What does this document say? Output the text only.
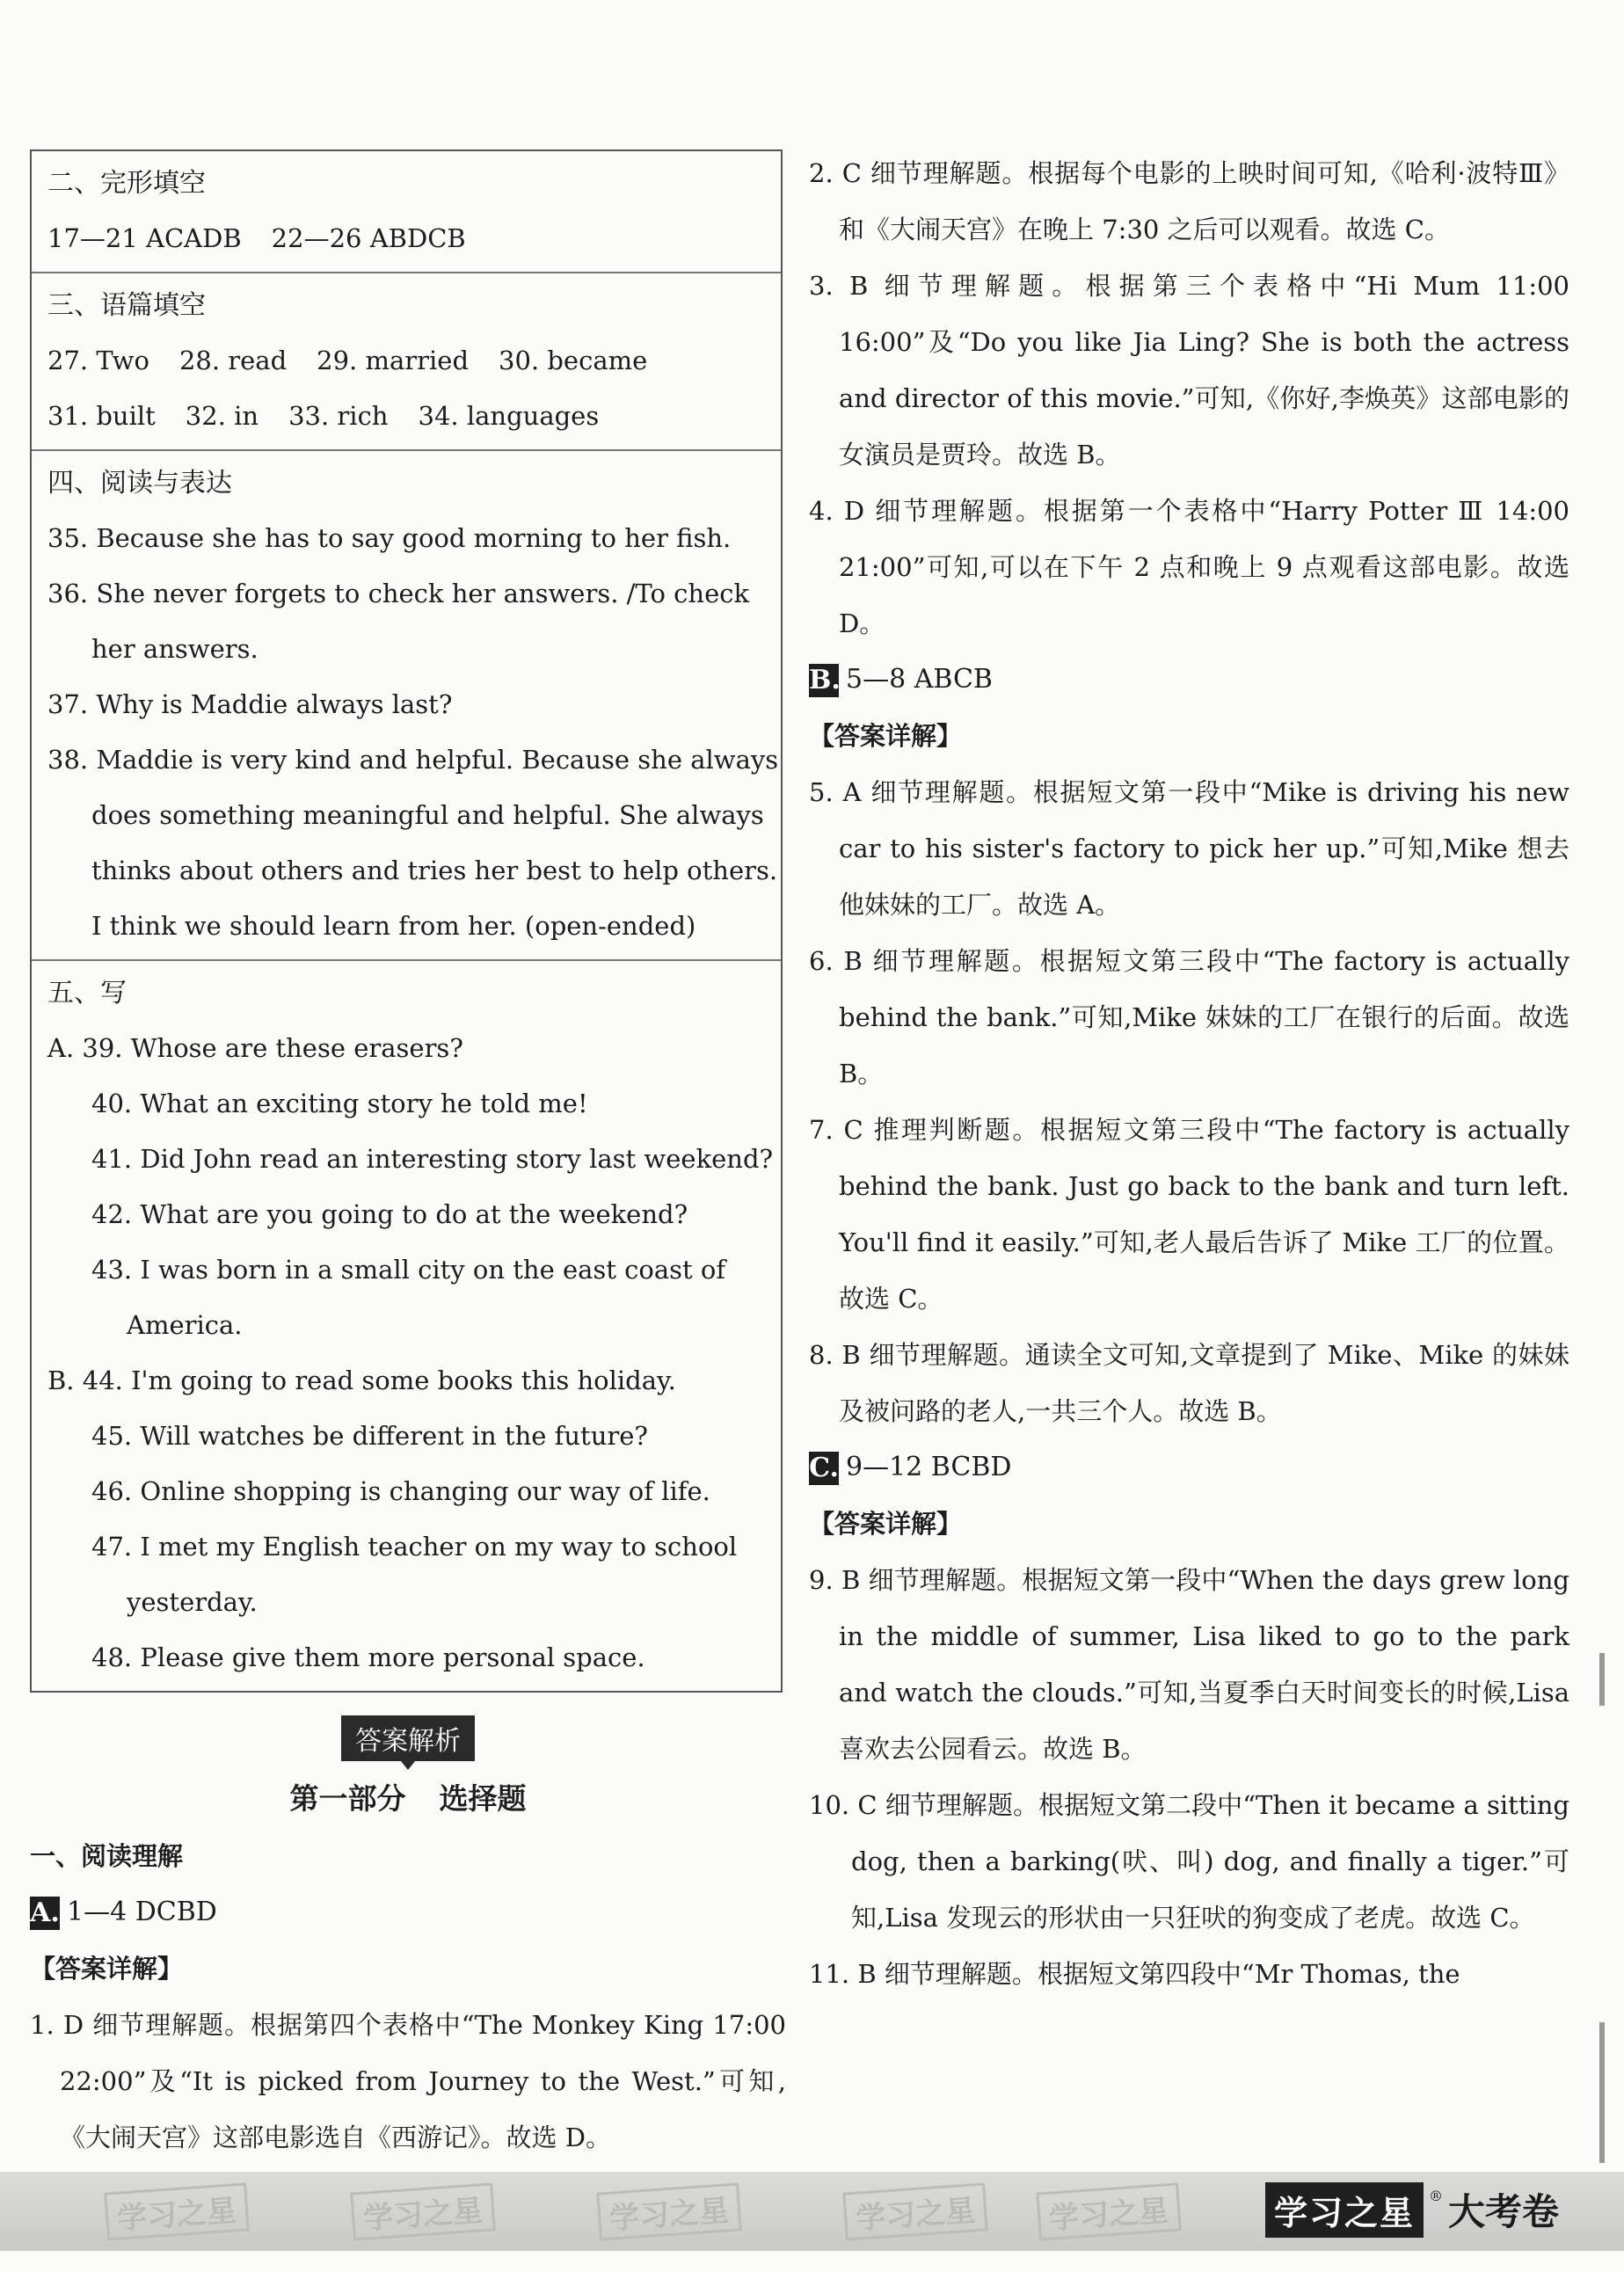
二、完形填空
17—21 ACADB 22—26 ABDCB
三、语篇填空
27. Two 28. read 29. married 30. became
31. built 32. in 33. rich 34. languages
四、阅读与表达
35. Because she has to say good morning to her fish.
36. She never forgets to check her answers. /To check
her answers.
37. Why is Maddie always last?
38. Maddie is very kind and helpful. Because she always
does something meaningful and helpful. She always
thinks about others and tries her best to help others.
I think we should learn from her. (open-ended)
五、写
A. 39. Whose are these erasers?
40. What an exciting story he told me!
41. Did John read an interesting story last weekend?
42. What are you going to do at the weekend?
43. I was born in a small city on the east coast of
America.
B. 44. I'm going to read some books this holiday.
45. Will watches be different in the future?
46. Online shopping is changing our way of life.
47. I met my English teacher on my way to school
yesterday.
48. Please give them more personal space.
答案解析
第一部分 选择题
一、阅读理解
A. 1—4 DCBD
【答案详解】
1. D 细节理解题。根据第四个表格中“The Monkey King 17:00　22:00”及“It is picked from Journey to the West.”可知,《大闹天宫》这部电影选自《西游记》。故选 D。
2. C 细节理解题。根据每个电影的上映时间可知,《哈利·波特Ⅲ》和《大闹天宫》在晚上 7:30 之后可以观看。故选 C。
3. B 细节理解题。根据第三个表格中“Hi Mum 11:00　16:00”及“Do you like Jia Ling? She is both the actress and director of this movie.”可知,《你好,李焕英》这部电影的女演员是贾玲。故选 B。
4. D 细节理解题。根据第一个表格中“Harry Potter Ⅲ 14:00　21:00”可知,可以在下午 2 点和晚上 9 点观看这部电影。故选 D。
B. 5—8 ABCB
【答案详解】
5. A 细节理解题。根据短文第一段中“Mike is driving his new car to his sister's factory to pick her up.”可知,Mike 想去他妹妹的工厂。故选 A。
6. B 细节理解题。根据短文第三段中“The factory is actually behind the bank.”可知,Mike 妹妹的工厂在银行的后面。故选 B。
7. C 推理判断题。根据短文第三段中“The factory is actually behind the bank. Just go back to the bank and turn left. You'll find it easily.”可知,老人最后告诉了 Mike 工厂的位置。故选 C。
8. B 细节理解题。通读全文可知,文章提到了 Mike、Mike 的妹妹及被问路的老人,一共三个人。故选 B。
C. 9—12 BCBD
【答案详解】
9. B 细节理解题。根据短文第一段中“When the days grew long in the middle of summer, Lisa liked to go to the park and watch the clouds.”可知,当夏季白天时间变长的时候,Lisa 喜欢去公园看云。故选 B。
10. C 细节理解题。根据短文第二段中“Then it became a sitting dog, then a barking(吠、叫) dog, and finally a tiger.”可知,Lisa 发现云的形状由一只狂吠的狗变成了老虎。故选 C。
11. B 细节理解题。根据短文第四段中“Mr Thomas, the
学习之星	学习之星	学习之星	学习之星	学习之星	学习之星	® 大考卷
